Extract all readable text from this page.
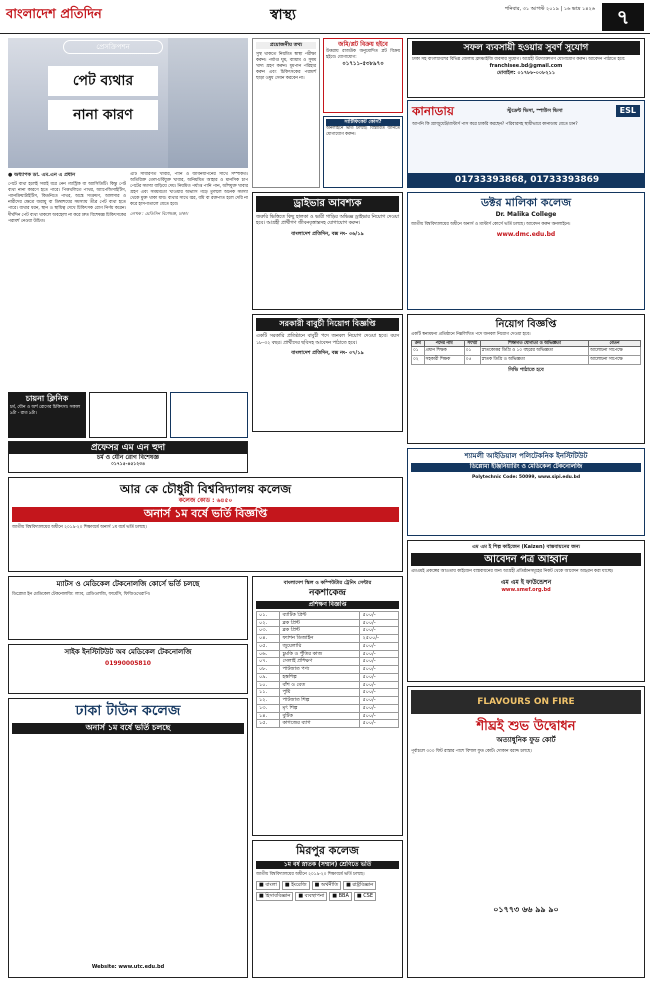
বাংলাদেশ প্রতিদিন	স্বাস্থ্য	শনিবার, ৩১ আগস্ট ২০১৯ | ১৬ ভাদ্র ১৪২৬	৭
প্রেসক্রিপশন
পেট ব্যথার
নানা কারণ
● অধ্যাপক ডা. এম.এন এ প্রধান
পেটে ব্যথা হলেই সবাই ধরে নেন গ্যাস্ট্রিক বা অ্যাসিডিটি। কিন্তু পেট ব্যথা নানা কারণে হতে পারে। পিত্তথলিতে পাথর, অ্যাপেন্ডিসাইটিস, প্যানক্রিয়াটাইটিস, কিডনিতে পাথর, অন্ত্রে সংক্রমণ, আলসার ও নারীদের ক্ষেত্রে জরায়ু বা ডিম্বাশয়ের সমস্যায় তীব্র পেট ব্যথা হতে পারে। ব্যথার ধরন, স্থান ও স্থায়িত্ব দেখে চিকিৎসক রোগ নির্ণয় করেন। দীর্ঘদিন পেট ব্যথা থাকলে অবহেলা না করে দ্রুত বিশেষজ্ঞ চিকিৎসকের পরামর্শ নেওয়া উচিত।
এটি সাধারণত খাবার, পানি ও জীবনযাপনের সাথে সম্পর্কিত। অতিরিক্ত তেল-চর্বিযুক্ত খাবার, অনিয়মিত আহার ও মানসিক চাপ পেটের সমস্যা বাড়িয়ে দেয়। নিয়মিত পর্যাপ্ত পানি পান, আঁশযুক্ত খাবার গ্রহণ এবং সময়মতো খাওয়ার অভ্যাস গড়ে তুললে অনেক সমস্যা থেকে মুক্ত থাকা যায়। ব্যথার সাথে জ্বর, বমি বা রক্তপাত হলে দেরি না করে হাসপাতালে যেতে হবে।
লেখক : মেডিসিন বিশেষজ্ঞ, ঢাকা।
প্রয়োজনীয় তথ্য
সুস্থ থাকতে নিয়মিত স্বাস্থ্য পরীক্ষা করুন। পর্যাপ্ত ঘুম, ব্যায়াম ও সুষম খাদ্য গ্রহণ করুন। ধূমপান পরিহার করুন এবং চিকিৎসকের পরামর্শ ছাড়া ওষুধ সেবন করবেন না।
জমি/প্লট বিক্রয় হইবে
উত্তরায় রাজউক অনুমোদিত প্লট বিক্রয় হইবে। যোগাযোগ:
০১৭১১-৫৩৮৯৭০
সার্টিফিকেট কোর্স?
অনলাইনে ভর্তি চলছে। বিস্তারিত জানতে যোগাযোগ করুন।
সফল ব্যবসায়ী হওয়ার সুবর্ণ সুযোগ
ঢাকা সহ বাংলাদেশের বিভিন্ন জেলায় ফ্রাঞ্চাইজি ব্যবসার সুযোগ। আগ্রহী উদ্যোক্তাগণ যোগাযোগ করুন। আবেদন পাঠাতে হবে:
franchisee.bd@gmail.com
মোবাইল: ০১৭৮৮-০০৮২১১
কানাডায়	স্টুডেন্ট ভিসা, স্পাউস ভিসা	ESL
আপনি কি গ্র্যাজুয়েট/মাস্টার্স পাস করে চাকরি করছেন? পরিবারসহ স্থায়ীভাবে কানাডায় যেতে চান?
01733393868, 01733393869
ড্রাইভার আবশ্যক
জরুরি ভিত্তিতে কিছু হালকা ও ভারী গাড়ির অভিজ্ঞ ড্রাইভার নিয়োগ দেওয়া হবে। আগ্রহী প্রার্থীগণ জীবনবৃত্তান্তসহ যোগাযোগ করুন।
বাংলাদেশ প্রতিদিন, বক্স নং- ৩৬/১৯
ডক্টর মালিকা কলেজ
Dr. Malika College
জাতীয় বিশ্ববিদ্যালয়ের অধীনে অনার্স ও মাস্টার্স কোর্সে ভর্তি চলছে। আবেদন করুন অনলাইনে।
www.dmc.edu.bd
সরকারী বাবুর্চী নিয়োগ বিজ্ঞপ্তি
একটি সরকারি প্রতিষ্ঠানে বাবুর্চী পদে জনবল নিয়োগ দেওয়া হবে। বয়স ১৮-৩২ বছর। প্রার্থীদের ছবিসহ আবেদন পাঠাতে হবে।
বাংলাদেশ প্রতিদিন, বক্স নং- ৩৭/১৯
নিয়োগ বিজ্ঞপ্তি
একটি স্বনামধন্য প্রতিষ্ঠানে নিম্নলিখিত পদে জনবল নিয়োগ দেওয়া হবে।
ক্রম	পদের নাম	সংখ্যা	শিক্ষাগত যোগ্যতা ও অভিজ্ঞতা	বেতন
০১	প্রধান শিক্ষক	০১	স্নাতকোত্তর ডিগ্রি ও ১০ বছরের অভিজ্ঞতা	আলোচনা সাপেক্ষে
০২	সহকারী শিক্ষক	০৫	স্নাতক ডিগ্রি ও অভিজ্ঞতা	আলোচনা সাপেক্ষে
সিভি পাঠাতে হবে
চায়না ক্লিনিক
চর্ম, যৌন ও অর্শ রোগের চিকিৎসা। সকাল ৯টা - রাত ৯টা।
প্রফেসর এম এন হুদা
চর্ম ও যৌন রোগ বিশেষজ্ঞ
০১৭১৫-৪৫১২৩৪
আর কে চৌধুরী বিশ্ববিদ্যালয় কলেজ
কলেজ কোড : ৬৪৫০
অনার্স ১ম বর্ষে ভর্তি বিজ্ঞপ্তি
জাতীয় বিশ্ববিদ্যালয়ের অধীনে ২০১৯-২০ শিক্ষাবর্ষে অনার্স ১ম বর্ষে ভর্তি চলছে।
ম্যাটস ও মেডিকেল টেকনোলজি কোর্সে ভর্তি চলছে
ডিপ্লোমা ইন মেডিকেল টেকনোলজি: ল্যাব, রেডিওলজি, ফার্মেসি, ফিজিওথেরাপি।
সাইক ইনস্টিটিউট অব মেডিকেল টেকনোলজি
01990005810
বাংলাদেশ স্কিল ও কম্পিউটার ট্রেনিং সেন্টার
নকশাকেন্দ্র
প্রশিক্ষণ বিজ্ঞপ্তি
০১.	ব্যাটিক প্রিন্ট	৫০০/-
০২.	ব্লক প্রিন্ট	৫০০/-
০৩.	ব্লক প্রিন্ট	৫০০/-
০৪.	ফ্যাশন ডিজাইন	২৫০০/-
০৫.	জুয়েলারি	৫০০/-
০৬.	চুমকি ও পুঁতির কাজ	৫০০/-
০৭.	সেলাই প্রশিক্ষণ	৫০০/-
০৮.	পাটজাত পণ্য	৫০০/-
০৯.	হস্তশিল্প	৫০০/-
১০.	বাঁশ ও বেত	৫০০/-
১১.	পুষ্টি	৫০০/-
১২.	পাটজাত শিল্প	৫০০/-
১৩.	মৃৎ শিল্প	৫০০/-
১৪.	বুটিক	৫০০/-
১৫.	কাগজের ব্যাগ	৫০০/-
শ্যামলী আইডিয়াল পলিটেকনিক ইনস্টিটিউট
ডিপ্লোমা ইঞ্জিনিয়ারিং ও মেডিকেল টেকনোলজি
Polytechnic Code: 50099, www.sipi.edu.bd
এম এম ই শিল্প কাইজেন (Kaizen) বাস্তবায়নের জন্য
আবেদন পত্র আহ্বান
এমএমই প্রকল্পের আওতায় কাইজেন বাস্তবায়নের জন্য আগ্রহী প্রতিষ্ঠানসমূহের নিকট থেকে আবেদন আহ্বান করা যাচ্ছে।
এম এম ই ফাউন্ডেশন
www.smef.org.bd
ঢাকা টাউন কলেজ
অনার্স ১ম বর্ষে ভর্তি চলছে
Website: www.utc.edu.bd
মিরপুর কলেজ
১ম বর্ষ স্নাতক (সম্মান) শ্রেণিতে ভর্তি
জাতীয় বিশ্ববিদ্যালয়ের অধীনে ২০১৯-২০ শিক্ষাবর্ষে ভর্তি চলছে।
■ বাংলা	■ ইংরেজি	■ অর্থনীতি	■ রাষ্ট্রবিজ্ঞান
■ হিসাববিজ্ঞান	■ ব্যবস্থাপনা	■ BBA	■ CSE
FLAVOURS ON FIRE
শীঘ্রই শুভ উদ্বোধন
অত্যাধুনিক ফুড কোর্ট
পূর্বাচলে ৩০০ ফিট রাস্তার পাশে বিশাল ফুড কোর্ট। দোকান বরাদ্দ চলছে।
০১৭৭৩ ৬৬ ৯৯ ৯০
